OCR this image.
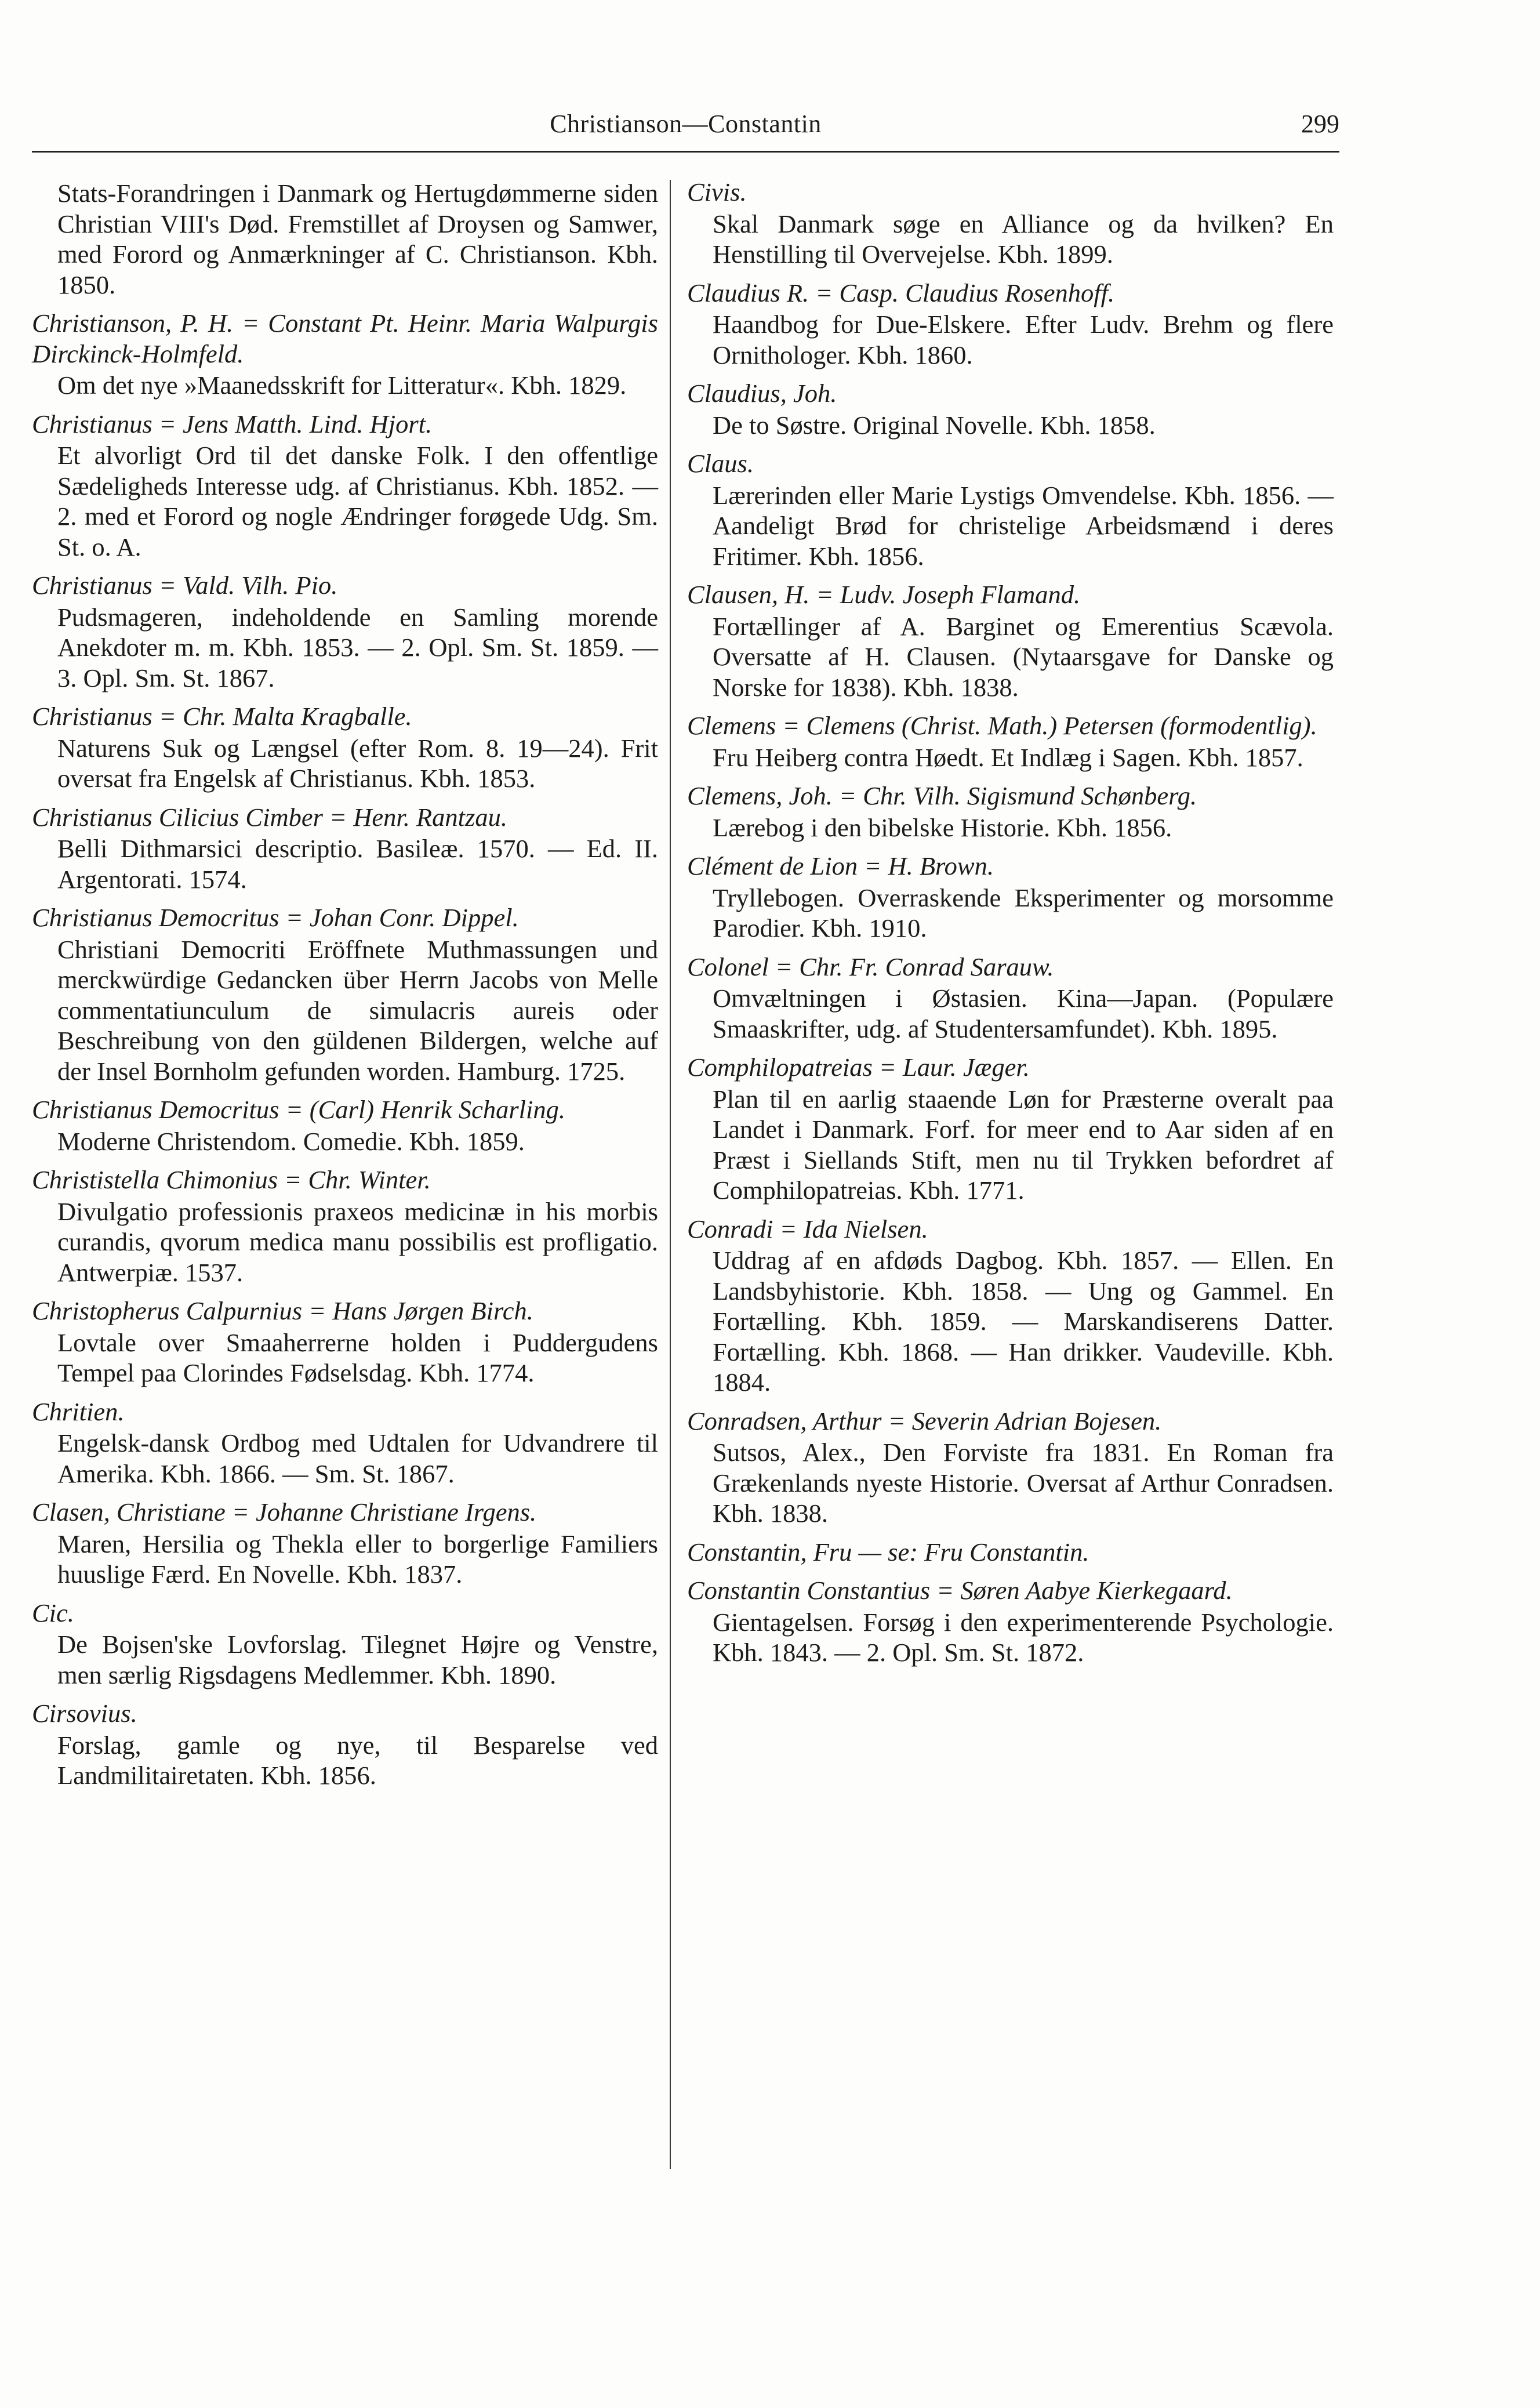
Christianson—Constantin	299

Stats-Forandringen i Danmark og Hertugdømmerne siden Christian VIII's Død. Fremstillet af Droysen og Samwer, med Forord og Anmærkninger af C. Christianson. Kbh. 1850.

Christianson, P. H. = Constant Pt. Heinr. Maria Walpurgis Dirckinck-Holmfeld.

Om det nye »Maanedsskrift for Litteratur«. Kbh. 1829.

Christianus = Jens Matth. Lind. Hjort.

Et alvorligt Ord til det danske Folk. I den offentlige Sædeligheds Interesse udg. af Christianus. Kbh. 1852. — 2. med et Forord og nogle Ændringer forøgede Udg. Sm. St. o. A.

Christianus = Vald. Vilh. Pio.

Pudsmageren, indeholdende en Samling morende Anekdoter m. m. Kbh. 1853. — 2. Opl. Sm. St. 1859. — 3. Opl. Sm. St. 1867.

Christianus = Chr. Malta Kragballe.

Naturens Suk og Længsel (efter Rom. 8. 19—24). Frit oversat fra Engelsk af Christianus. Kbh. 1853.

Christianus Cilicius Cimber = Henr. Rantzau.

Belli Dithmarsici descriptio. Basileæ. 1570. — Ed. II. Argentorati. 1574.

Christianus Democritus = Johan Conr. Dippel.

Christiani Democriti Eröffnete Muthmassungen und merckwürdige Gedancken über Herrn Jacobs von Melle commentatiunculum de simulacris aureis oder Beschreibung von den güldenen Bildergen, welche auf der Insel Bornholm gefunden worden. Hamburg. 1725.

Christianus Democritus = (Carl) Henrik Scharling.

Moderne Christendom. Comedie. Kbh. 1859.

Christistella Chimonius = Chr. Winter.

Divulgatio professionis praxeos medicinæ in his morbis curandis, qvorum medica manu possibilis est profligatio. Antwerpiæ. 1537.

Christopherus Calpurnius = Hans Jørgen Birch.

Lovtale over Smaaherrerne holden i Puddergudens Tempel paa Clorindes Fødselsdag. Kbh. 1774.

Chritien.

Engelsk-dansk Ordbog med Udtalen for Udvandrere til Amerika. Kbh. 1866. — Sm. St. 1867.

Clasen, Christiane = Johanne Christiane Irgens.

Maren, Hersilia og Thekla eller to borgerlige Familiers huuslige Færd. En Novelle. Kbh. 1837.

Cic.

De Bojsen'ske Lovforslag. Tilegnet Højre og Venstre, men særlig Rigsdagens Medlemmer. Kbh. 1890.

Cirsovius.

Forslag, gamle og nye, til Besparelse ved Landmilitairetaten. Kbh. 1856.

Civis.

Skal Danmark søge en Alliance og da hvilken? En Henstilling til Overvejelse. Kbh. 1899.

Claudius R. = Casp. Claudius Rosenhoff.

Haandbog for Due-Elskere. Efter Ludv. Brehm og flere Ornithologer. Kbh. 1860.

Claudius, Joh.

De to Søstre. Original Novelle. Kbh. 1858.

Claus.

Lærerinden eller Marie Lystigs Omvendelse. Kbh. 1856. — Aandeligt Brød for christelige Arbeidsmænd i deres Fritimer. Kbh. 1856.

Clausen, H. = Ludv. Joseph Flamand.

Fortællinger af A. Barginet og Emerentius Scævola. Oversatte af H. Clausen. (Nytaarsgave for Danske og Norske for 1838). Kbh. 1838.

Clemens = Clemens (Christ. Math.) Petersen (formodentlig).

Fru Heiberg contra Høedt. Et Indlæg i Sagen. Kbh. 1857.

Clemens, Joh. = Chr. Vilh. Sigismund Schønberg.

Lærebog i den bibelske Historie. Kbh. 1856.

Clément de Lion = H. Brown.

Tryllebogen. Overraskende Eksperimenter og morsomme Parodier. Kbh. 1910.

Colonel = Chr. Fr. Conrad Sarauw.

Omvæltningen i Østasien. Kina—Japan. (Populære Smaaskrifter, udg. af Studentersamfundet). Kbh. 1895.

Comphilopatreias = Laur. Jæger.

Plan til en aarlig staaende Løn for Præsterne overalt paa Landet i Danmark. Forf. for meer end to Aar siden af en Præst i Siellands Stift, men nu til Trykken befordret af Comphilopatreias. Kbh. 1771.

Conradi = Ida Nielsen.

Uddrag af en afdøds Dagbog. Kbh. 1857. — Ellen. En Landsbyhistorie. Kbh. 1858. — Ung og Gammel. En Fortælling. Kbh. 1859. — Marskandiserens Datter. Fortælling. Kbh. 1868. — Han drikker. Vaudeville. Kbh. 1884.

Conradsen, Arthur = Severin Adrian Bojesen.

Sutsos, Alex., Den Forviste fra 1831. En Roman fra Grækenlands nyeste Historie. Oversat af Arthur Conradsen. Kbh. 1838.

Constantin, Fru — se: Fru Constantin.

Constantin Constantius = Søren Aabye Kierkegaard.

Gientagelsen. Forsøg i den experimenterende Psychologie. Kbh. 1843. — 2. Opl. Sm. St. 1872.
